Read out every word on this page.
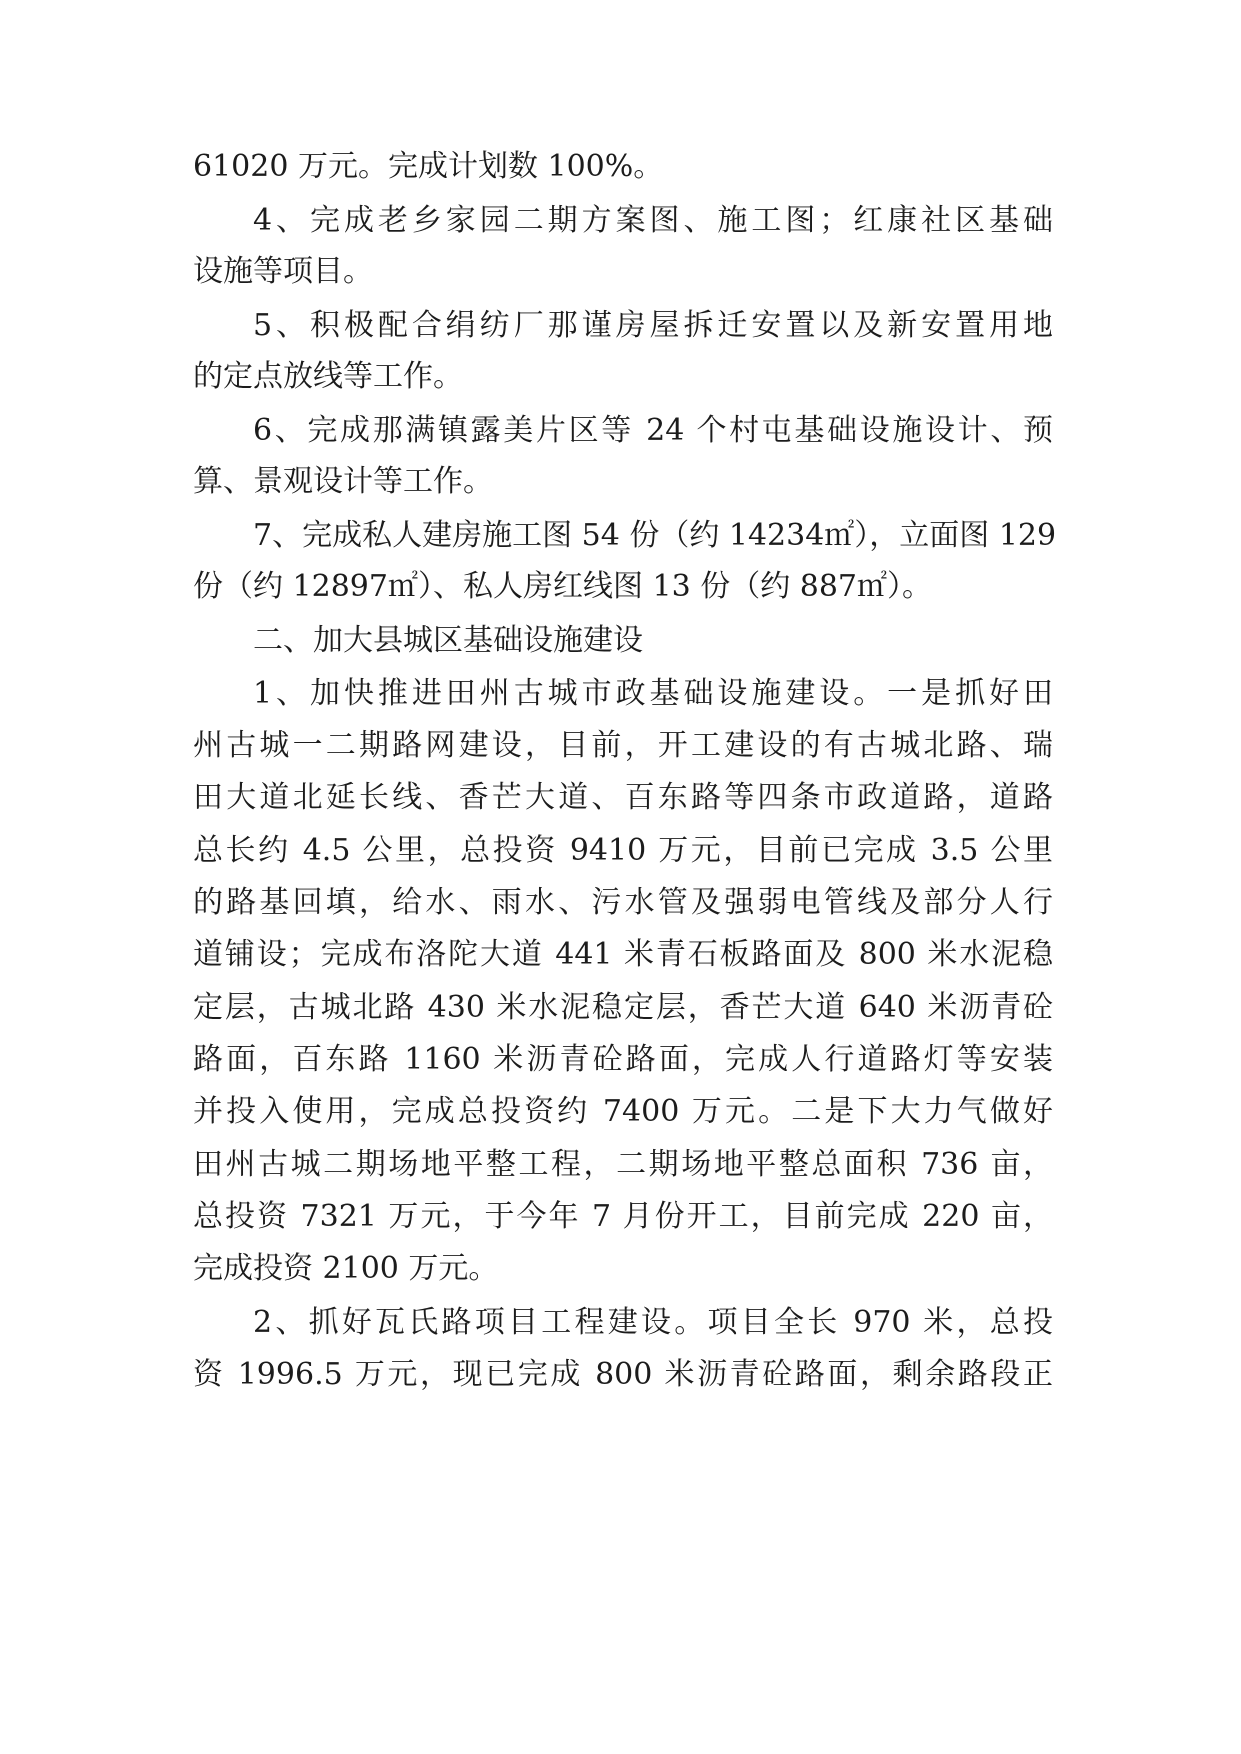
61020 万元。完成计划数 100%。
4、完成老乡家园二期方案图、施工图；红康社区基础
设施等项目。
5、积极配合绢纺厂那谨房屋拆迁安置以及新安置用地
的定点放线等工作。
6、完成那满镇露美片区等 24 个村屯基础设施设计、预
算、景观设计等工作。
7、完成私人建房施工图 54 份（约 14234㎡），立面图 129
份（约 12897㎡）、私人房红线图 13 份（约 887㎡）。
二、加大县城区基础设施建设
1、加快推进田州古城市政基础设施建设。一是抓好田
州古城一二期路网建设，目前，开工建设的有古城北路、瑞
田大道北延长线、香芒大道、百东路等四条市政道路，道路
总长约 4.5 公里，总投资 9410 万元，目前已完成 3.5 公里
的路基回填，给水、雨水、污水管及强弱电管线及部分人行
道铺设；完成布洛陀大道 441 米青石板路面及 800 米水泥稳
定层，古城北路 430 米水泥稳定层，香芒大道 640 米沥青砼
路面，百东路 1160 米沥青砼路面，完成人行道路灯等安装
并投入使用，完成总投资约 7400 万元。二是下大力气做好
田州古城二期场地平整工程，二期场地平整总面积 736 亩，
总投资 7321 万元，于今年 7 月份开工，目前完成 220 亩，
完成投资 2100 万元。
2、抓好瓦氏路项目工程建设。项目全长 970 米，总投
资 1996.5 万元，现已完成 800 米沥青砼路面，剩余路段正
